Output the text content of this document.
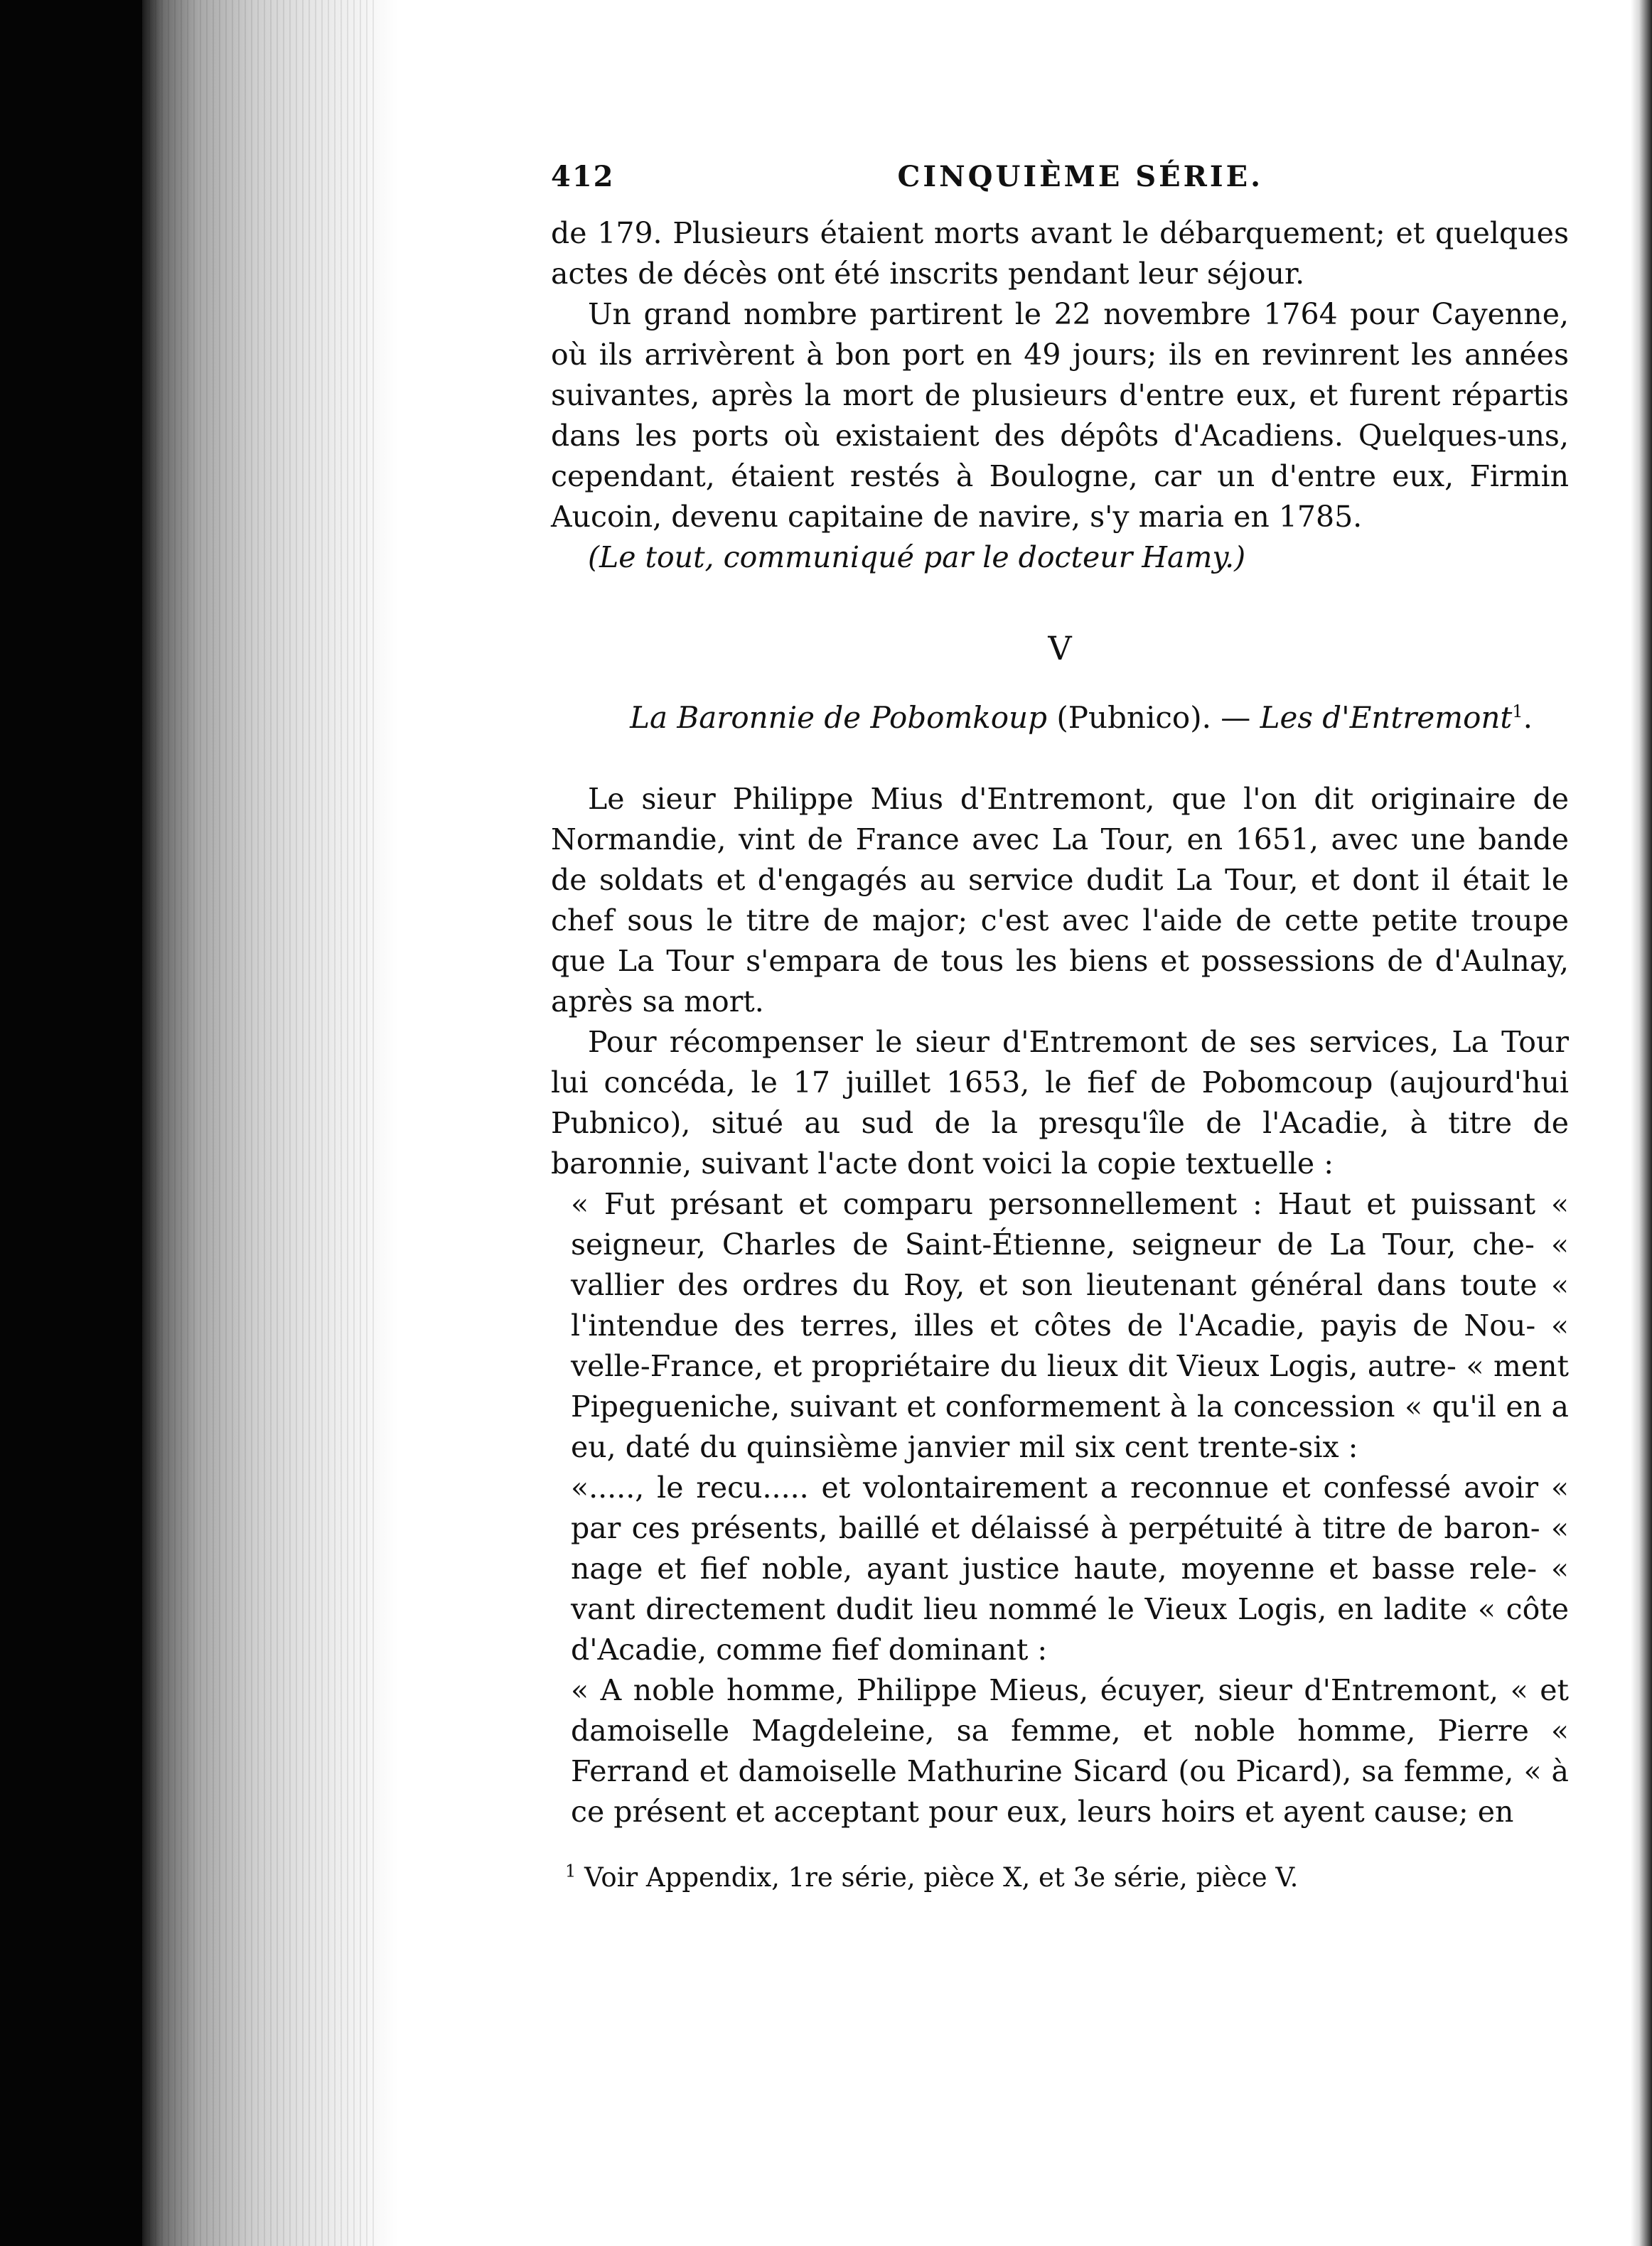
412	CINQUIÈME SÉRIE.

de 179. Plusieurs étaient morts avant le débarquement; et quelques actes de décès ont été inscrits pendant leur séjour.

Un grand nombre partirent le 22 novembre 1764 pour Cayenne, où ils arrivèrent à bon port en 49 jours; ils en revinrent les années suivantes, après la mort de plusieurs d'entre eux, et furent répartis dans les ports où existaient des dépôts d'Acadiens. Quelques-uns, cependant, étaient restés à Boulogne, car un d'entre eux, Firmin Aucoin, devenu capitaine de navire, s'y maria en 1785.

(Le tout, communiqué par le docteur Hamy.)

V
La Baronnie de Pobomkoup (Pubnico). — Les d'Entremont$^1$.

Le sieur Philippe Mius d'Entremont, que l'on dit originaire de Normandie, vint de France avec La Tour, en 1651, avec une bande de soldats et d'engagés au service dudit La Tour, et dont il était le chef sous le titre de major; c'est avec l'aide de cette petite troupe que La Tour s'empara de tous les biens et possessions de d'Aulnay, après sa mort.

Pour récompenser le sieur d'Entremont de ses services, La Tour lui concéda, le 17 juillet 1653, le fief de Pobomcoup (aujourd'hui Pubnico), situé au sud de la presqu'île de l'Acadie, à titre de baronnie, suivant l'acte dont voici la copie textuelle :

« Fut présant et comparu personnellement : Haut et puissant « seigneur, Charles de Saint-Étienne, seigneur de La Tour, che- « vallier des ordres du Roy, et son lieutenant général dans toute « l'intendue des terres, illes et côtes de l'Acadie, payis de Nou- « velle-France, et propriétaire du lieux dit Vieux Logis, autre- « ment Pipegueniche, suivant et conformement à la concession « qu'il en a eu, daté du quinsième janvier mil six cent trente-six :

«....., le recu..... et volontairement a reconnue et confessé avoir « par ces présents, baillé et délaissé à perpétuité à titre de baron- « nage et fief noble, ayant justice haute, moyenne et basse rele- « vant directement dudit lieu nommé le Vieux Logis, en ladite « côte d'Acadie, comme fief dominant :

« A noble homme, Philippe Mieus, écuyer, sieur d'Entremont, « et damoiselle Magdeleine, sa femme, et noble homme, Pierre « Ferrand et damoiselle Mathurine Sicard (ou Picard), sa femme, « à ce présent et acceptant pour eux, leurs hoirs et ayent cause; en

$^1$ Voir Appendix, 1re série, pièce X, et 3e série, pièce V.
